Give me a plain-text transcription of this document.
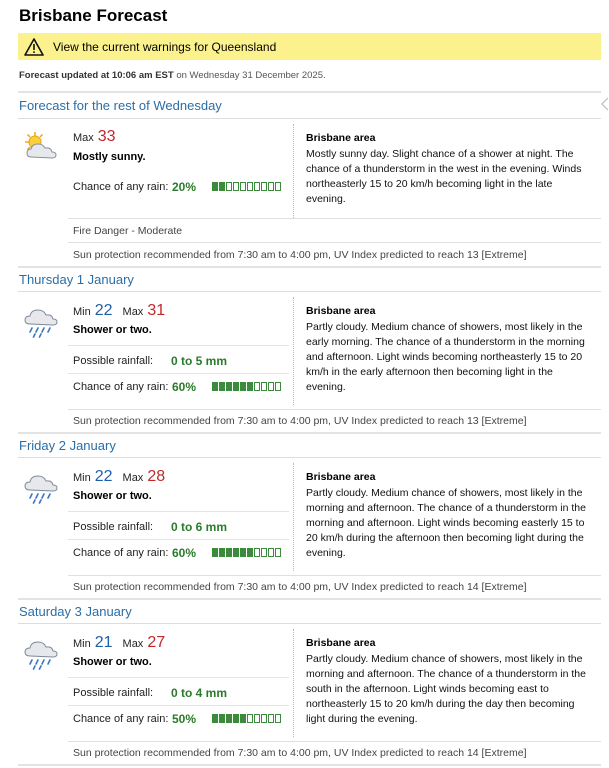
Brisbane Forecast
View the current warnings for Queensland
Forecast updated at 10:06 am EST on Wednesday 31 December 2025.
Forecast for the rest of Wednesday
Max 33
Mostly sunny.
Chance of any rain: 20%
Brisbane area
Mostly sunny day. Slight chance of a shower at night. The chance of a thunderstorm in the west in the evening. Winds northeasterly 15 to 20 km/h becoming light in the late evening.
Fire Danger - Moderate
Sun protection recommended from 7:30 am to 4:00 pm, UV Index predicted to reach 13 [Extreme]
Thursday 1 January
Min 22 Max 31
Shower or two.
Possible rainfall: 0 to 5 mm
Chance of any rain: 60%
Brisbane area
Partly cloudy. Medium chance of showers, most likely in the early morning. The chance of a thunderstorm in the morning and afternoon. Light winds becoming northeasterly 15 to 20 km/h in the early afternoon then becoming light in the evening.
Sun protection recommended from 7:30 am to 4:00 pm, UV Index predicted to reach 13 [Extreme]
Friday 2 January
Min 22 Max 28
Shower or two.
Possible rainfall: 0 to 6 mm
Chance of any rain: 60%
Brisbane area
Partly cloudy. Medium chance of showers, most likely in the morning and afternoon. The chance of a thunderstorm in the morning and afternoon. Light winds becoming easterly 15 to 20 km/h during the afternoon then becoming light during the evening.
Sun protection recommended from 7:30 am to 4:00 pm, UV Index predicted to reach 14 [Extreme]
Saturday 3 January
Min 21 Max 27
Shower or two.
Possible rainfall: 0 to 4 mm
Chance of any rain: 50%
Brisbane area
Partly cloudy. Medium chance of showers, most likely in the morning and afternoon. The chance of a thunderstorm in the south in the afternoon. Light winds becoming east to northeasterly 15 to 20 km/h during the day then becoming light during the evening.
Sun protection recommended from 7:30 am to 4:00 pm, UV Index predicted to reach 14 [Extreme]
